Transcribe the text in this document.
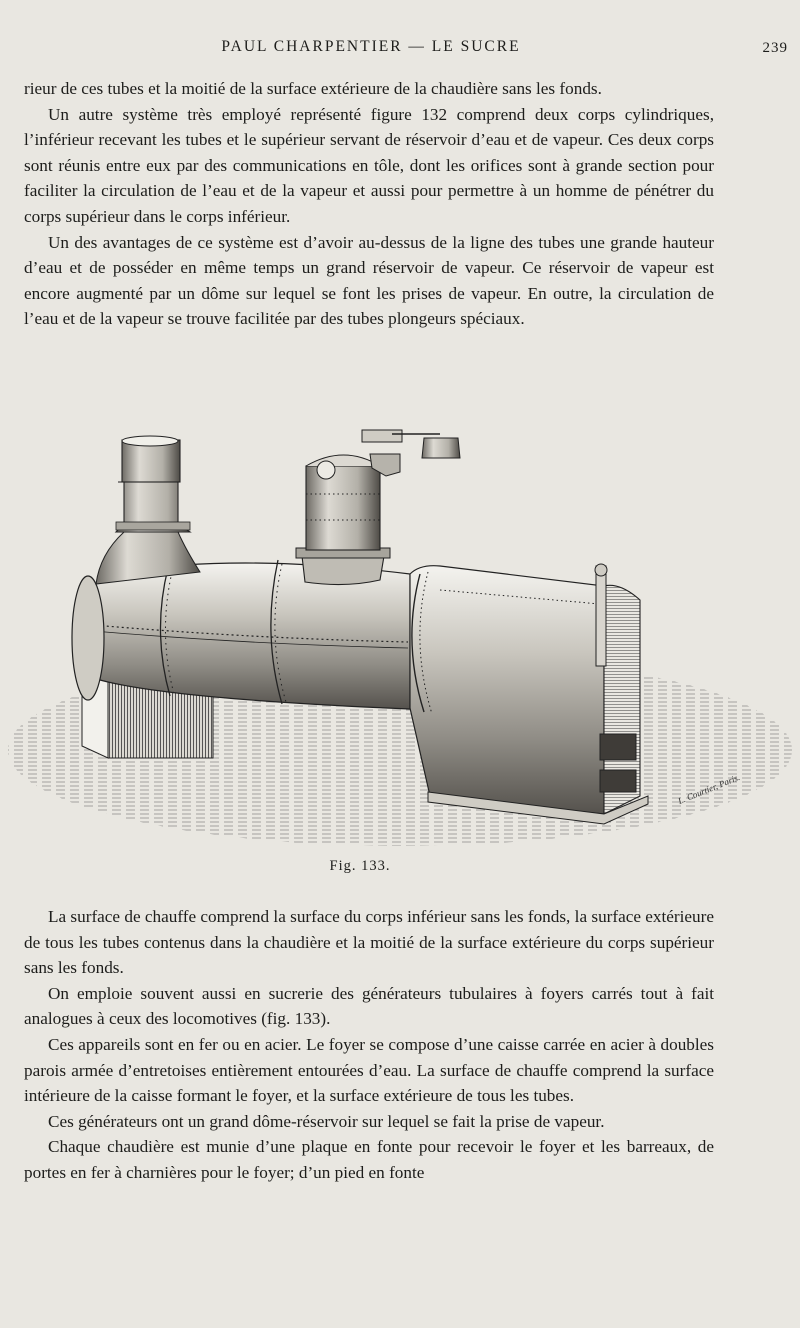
PAUL CHARPENTIER — LE SUCRE	239

rieur de ces tubes et la moitié de la surface extérieure de la chaudière sans les fonds.

Un autre système très employé représenté figure 132 comprend deux corps cylindriques, l’inférieur recevant les tubes et le supérieur servant de réservoir d’eau et de vapeur. Ces deux corps sont réunis entre eux par des communications en tôle, dont les orifices sont à grande section pour faciliter la circulation de l’eau et de la vapeur et aussi pour permettre à un homme de pénétrer du corps supérieur dans le corps inférieur.

Un des avantages de ce système est d’avoir au-dessus de la ligne des tubes une grande hauteur d’eau et de posséder en même temps un grand réservoir de vapeur. Ce réservoir de vapeur est encore augmenté par un dôme sur lequel se font les prises de vapeur. En outre, la circulation de l’eau et de la vapeur se trouve facilitée par des tubes plongeurs spéciaux.

L. Courtier, Paris.
Fig. 133.

La surface de chauffe comprend la surface du corps inférieur sans les fonds, la surface extérieure de tous les tubes contenus dans la chaudière et la moitié de la surface extérieure du corps supérieur sans les fonds.

On emploie souvent aussi en sucrerie des générateurs tubulaires à foyers carrés tout à fait analogues à ceux des locomotives (fig. 133).

Ces appareils sont en fer ou en acier. Le foyer se compose d’une caisse carrée en acier à doubles parois armée d’entretoises entièrement entourées d’eau. La surface de chauffe comprend la surface intérieure de la caisse formant le foyer, et la surface extérieure de tous les tubes.

Ces générateurs ont un grand dôme-réservoir sur lequel se fait la prise de vapeur.

Chaque chaudière est munie d’une plaque en fonte pour recevoir le foyer et les barreaux, de portes en fer à charnières pour le foyer; d’un pied en fonte
